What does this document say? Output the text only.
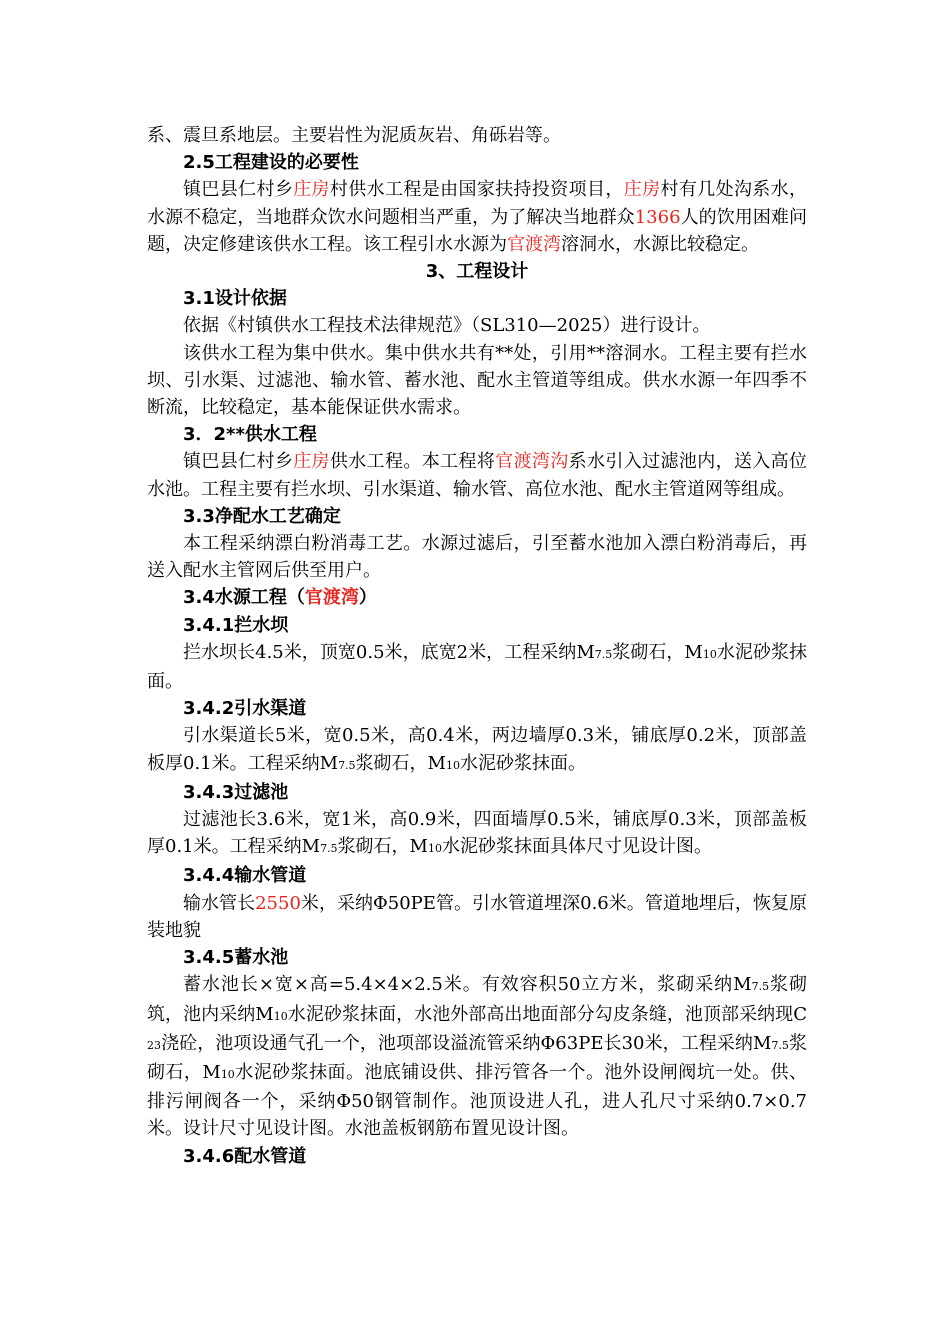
系、震旦系地层。主要岩性为泥质灰岩、角砾岩等。

2.5工程建设的必要性

镇巴县仁村乡庄房村供水工程是由国家扶持投资项目，庄房村有几处沟系水，水源不稳定，当地群众饮水问题相当严重，为了解决当地群众1366人的饮用困难问题，决定修建该供水工程。该工程引水水源为官渡湾溶洞水，水源比较稳定。

3、工程设计

3.1设计依据

依据《村镇供水工程技术法律规范》（SL310—2025）进行设计。

该供水工程为集中供水。集中供水共有**处，引用**溶洞水。工程主要有拦水坝、引水渠、过滤池、输水管、蓄水池、配水主管道等组成。供水水源一年四季不断流，比较稳定，基本能保证供水需求。

3．2**供水工程

镇巴县仁村乡庄房供水工程。本工程将官渡湾沟系水引入过滤池内，送入高位水池。工程主要有拦水坝、引水渠道、输水管、高位水池、配水主管道网等组成。

3.3净配水工艺确定

本工程采纳漂白粉消毒工艺。水源过滤后，引至蓄水池加入漂白粉消毒后，再送入配水主管网后供至用户。

3.4水源工程（官渡湾）

3.4.1拦水坝

拦水坝长4.5米，顶宽0.5米，底宽2米，工程采纳M7.5浆砌石，M10水泥砂浆抹面。

3.4.2引水渠道

引水渠道长5米，宽0.5米，高0.4米，两边墙厚0.3米，铺底厚0.2米，顶部盖板厚0.1米。工程采纳M7.5浆砌石，M10水泥砂浆抹面。

3.4.3过滤池

过滤池长3.6米，宽1米，高0.9米，四面墙厚0.5米，铺底厚0.3米，顶部盖板厚0.1米。工程采纳M7.5浆砌石，M10水泥砂浆抹面具体尺寸见设计图。

3.4.4输水管道

输水管长2550米，采纳Φ50PE管。引水管道埋深0.6米。管道地埋后，恢复原装地貌

3.4.5蓄水池

蓄水池长×宽×高=5.4×4×2.5米。有效容积50立方米，浆砌采纳M7.5浆砌筑，池内采纳M10水泥砂浆抹面，水池外部高出地面部分勾皮条缝，池顶部采纳现C23浇砼，池项设通气孔一个，池项部设溢流管采纳Φ63PE长30米，工程采纳M7.5浆砌石，M10水泥砂浆抹面。池底铺设供、排污管各一个。池外设闸阀坑一处。供、排污闸阀各一个，采纳Φ50钢管制作。池顶设进人孔，进人孔尺寸采纳0.7×0.7米。设计尺寸见设计图。水池盖板钢筋布置见设计图。

3.4.6配水管道
